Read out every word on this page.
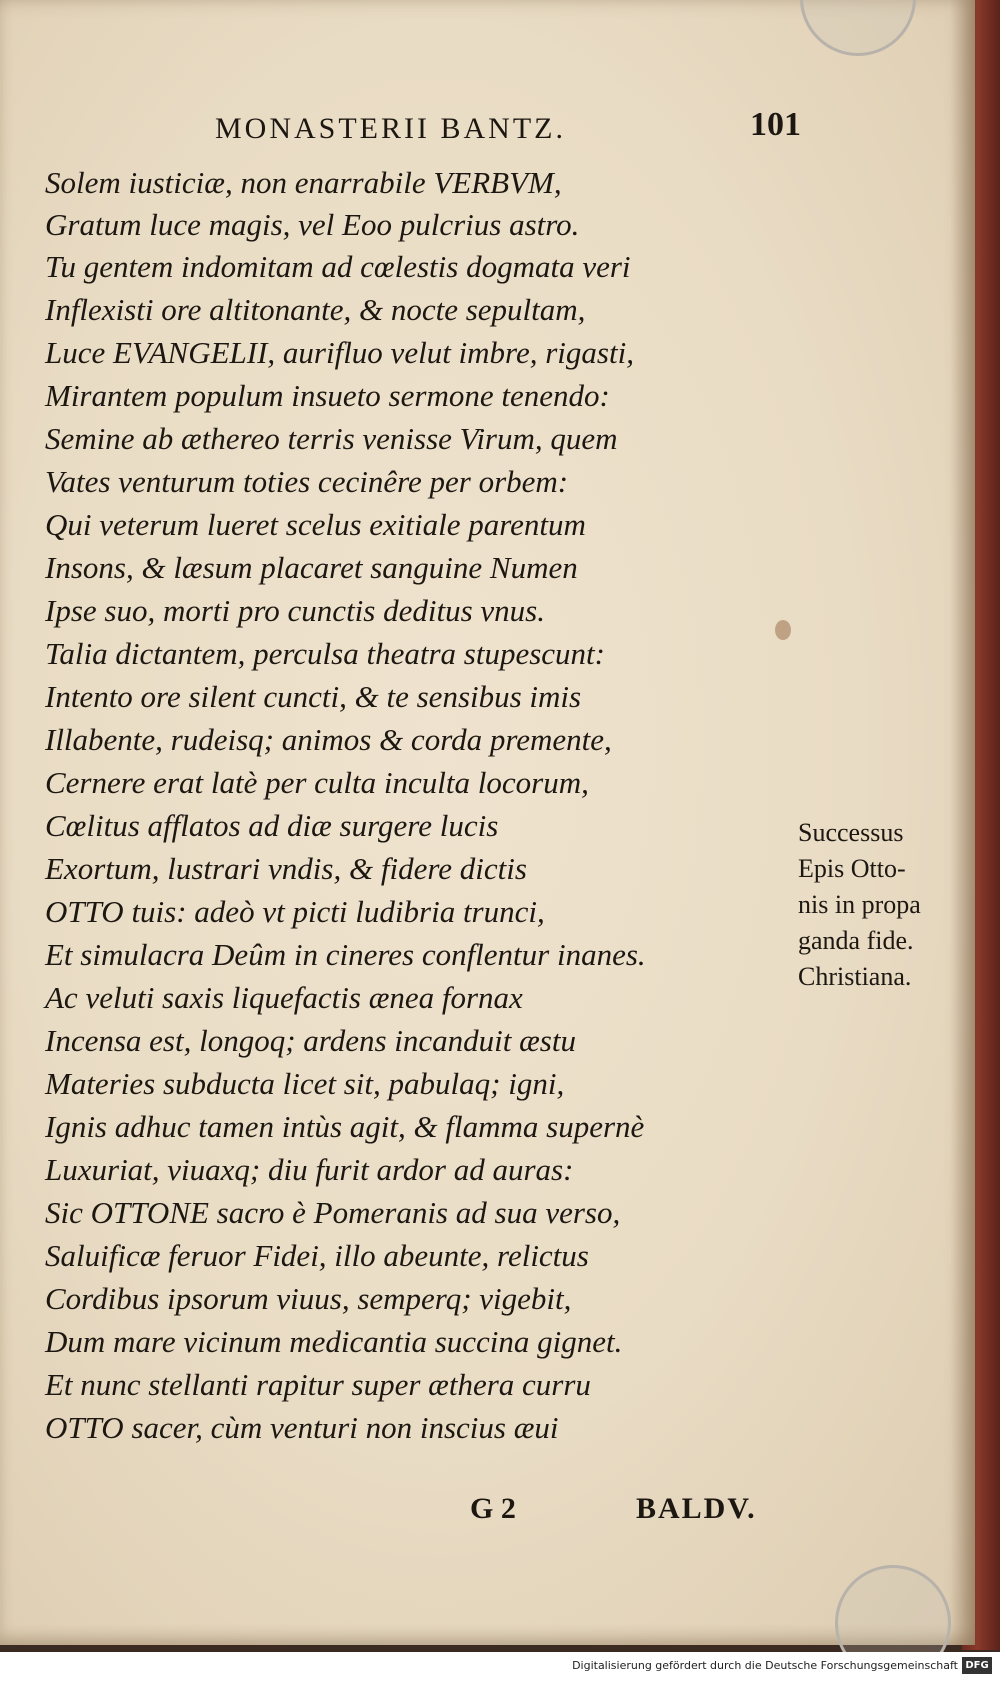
MONASTERII BANTZ.	101
Solem iusticiæ, non enarrabile VERBVM,
Gratum luce magis, vel Eoo pulcrius astro.
Tu gentem indomitam ad cœlestis dogmata veri
Inflexisti ore altitonante, & nocte sepultam,
Luce EVANGELII, aurifluo velut imbre, rigasti,
Mirantem populum insueto sermone tenendo:
Semine ab æthereo terris venisse Virum, quem
Vates venturum toties cecinêre per orbem:
Qui veterum lueret scelus exitiale parentum
Insons, & læsum placaret sanguine Numen
Ipse suo, morti pro cunctis deditus vnus.
Talia dictantem, perculsa theatra stupescunt:
Intento ore silent cuncti, & te sensibus imis
Illabente, rudeisq; animos & corda premente,
Cernere erat latè per culta inculta locorum,
Cœlitus afflatos ad diæ surgere lucis
Exortum, lustrari vndis, & fidere dictis
OTTO tuis: adeò vt picti ludibria trunci,
Et simulacra Deûm in cineres conflentur inanes.
Ac veluti saxis liquefactis ænea fornax
Incensa est, longoq; ardens incanduit æstu
Materies subducta licet sit, pabulaq; igni,
Ignis adhuc tamen intùs agit, & flamma supernè
Luxuriat, viuaxq; diu furit ardor ad auras:
Sic OTTONE sacro è Pomeranis ad sua verso,
Saluificæ feruor Fidei, illo abeunte, relictus
Cordibus ipsorum viuus, semperq; vigebit,
Dum mare vicinum medicantia succina gignet.
Et nunc stellanti rapitur super æthera curru
OTTO sacer, cùm venturi non inscius æui
Successus
Epis Otto-
nis in propa
ganda fide.
Christiana.
G 2	BALDV.
Digitalisierung gefördert durch die Deutsche Forschungsgemeinschaft DFG
